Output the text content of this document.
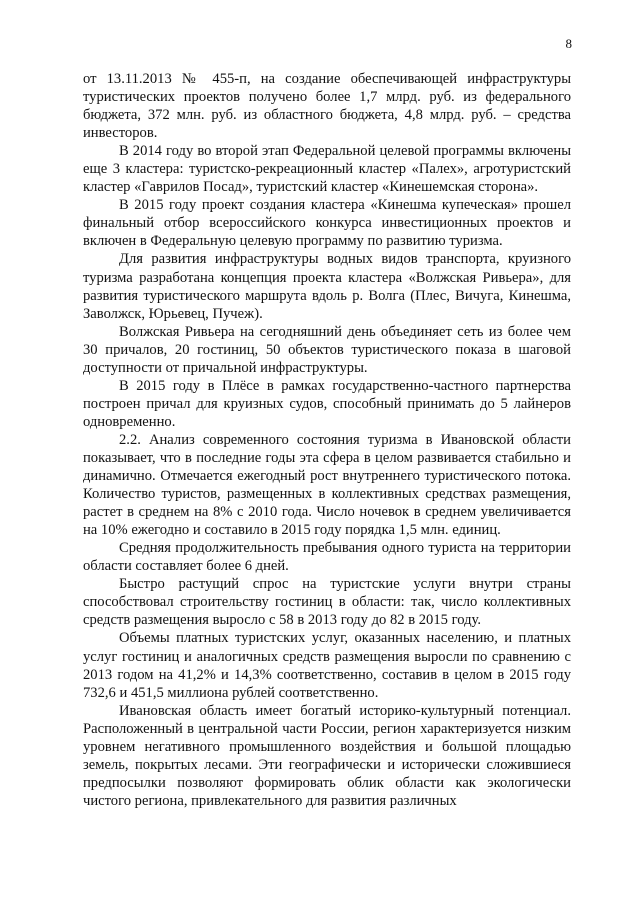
8

от 13.11.2013 № 455-п, на создание обеспечивающей инфраструктуры туристических проектов получено более 1,7 млрд. руб. из федерального бюджета, 372 млн. руб. из областного бюджета, 4,8 млрд. руб. – средства инвесторов.

В 2014 году во второй этап Федеральной целевой программы включены еще 3 кластера: туристско-рекреационный кластер «Палех», агротуристский кластер «Гаврилов Посад», туристский кластер «Кинешемская сторона».

В 2015 году проект создания кластера «Кинешма купеческая» прошел финальный отбор всероссийского конкурса инвестиционных проектов и включен в Федеральную целевую программу по развитию туризма.

Для развития инфраструктуры водных видов транспорта, круизного туризма разработана концепция проекта кластера «Волжская Ривьера», для развития туристического маршрута вдоль р. Волга (Плес, Вичуга, Кинешма, Заволжск, Юрьевец, Пучеж).

Волжская Ривьера на сегодняшний день объединяет сеть из более чем 30 причалов, 20 гостиниц, 50 объектов туристического показа в шаговой доступности от причальной инфраструктуры.

В 2015 году в Плёсе в рамках государственно-частного партнерства построен причал для круизных судов, способный принимать до 5 лайнеров одновременно.

2.2. Анализ современного состояния туризма в Ивановской области показывает, что в последние годы эта сфера в целом развивается стабильно и динамично. Отмечается ежегодный рост внутреннего туристического потока. Количество туристов, размещенных в коллективных средствах размещения, растет в среднем на 8% с 2010 года. Число ночевок в среднем увеличивается на 10% ежегодно и составило в 2015 году порядка 1,5 млн. единиц.

Средняя продолжительность пребывания одного туриста на территории области составляет более 6 дней.

Быстро растущий спрос на туристские услуги внутри страны способствовал строительству гостиниц в области: так, число коллективных средств размещения выросло с 58 в 2013 году до 82 в 2015 году.

Объемы платных туристских услуг, оказанных населению, и платных услуг гостиниц и аналогичных средств размещения выросли по сравнению с 2013 годом на 41,2% и 14,3% соответственно, составив в целом в 2015 году 732,6 и 451,5 миллиона рублей соответственно.

Ивановская область имеет богатый историко-культурный потенциал. Расположенный в центральной части России, регион характеризуется низким уровнем негативного промышленного воздействия и большой площадью земель, покрытых лесами. Эти географически и исторически сложившиеся предпосылки позволяют формировать облик области как экологически чистого региона, привлекательного для развития различных
